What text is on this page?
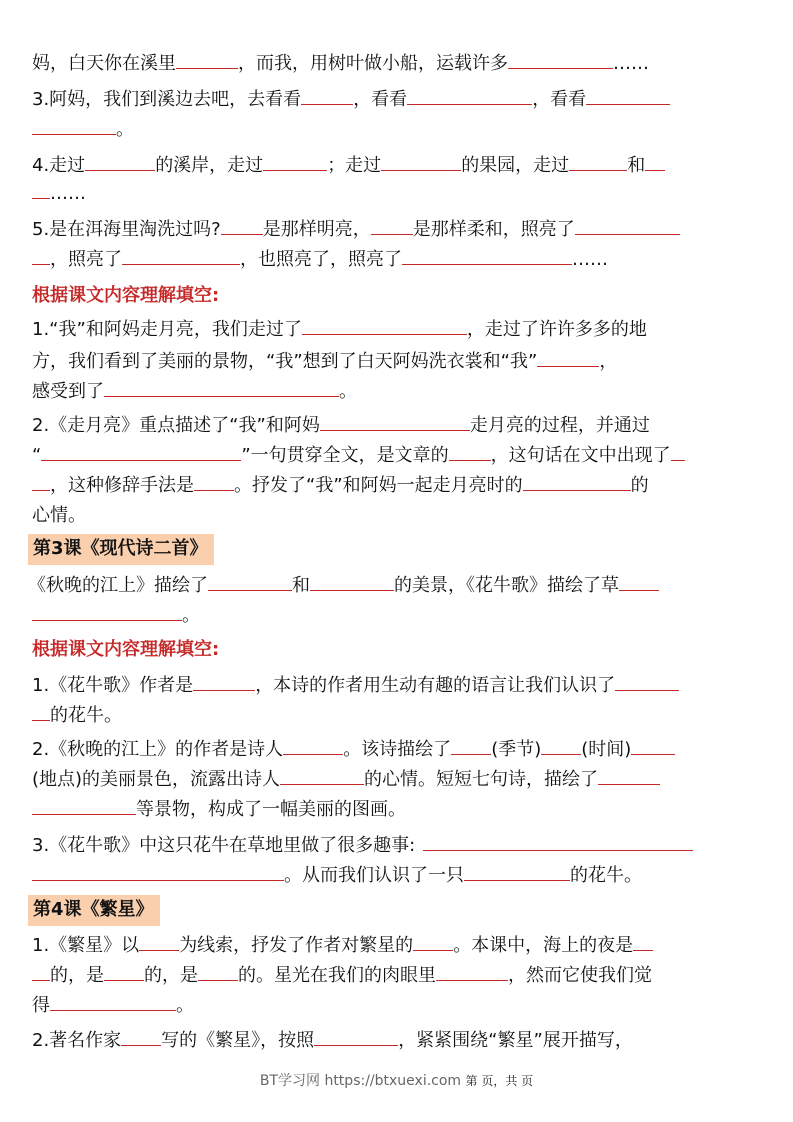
妈，白天你在溪里	，而我，用树叶做小船，运载许多	……
3.阿妈，我们到溪边去吧，去看看	，看看	，看看
。
4.走过	的溪岸，走过	；走过	的果园，走过	和
……
5.是在洱海里淘洗过吗? 是那样明亮， 是那样柔和，照亮了
，照亮了	，也照亮了，照亮了	……
根据课文内容理解填空:
1.“我”和阿妈走月亮，我们走过了	，走过了许许多多的地
方，我们看到了美丽的景物，“我”想到了白天阿妈洗衣裳和“我”	，
感受到了	。
2.《走月亮》重点描述了“我”和阿妈	走月亮的过程，并通过
“	”一句贯穿全文，是文章的 ，这句话在文中出现了
，这种修辞手法是 。抒发了“我”和阿妈一起走月亮时的	的
心情。
第3课《现代诗二首》
《秋晚的江上》描绘了	和	的美景，《花牛歌》描绘了草
。
根据课文内容理解填空:
1.《花牛歌》作者是	，本诗的作者用生动有趣的语言让我们认识了
的花牛。
2.《秋晚的江上》的作者是诗人	。该诗描绘了 (季节) (时间)
(地点)的美丽景色，流露出诗人	的心情。短短七句诗，描绘了
等景物，构成了一幅美丽的图画。
3.《花牛歌》中这只花牛在草地里做了很多趣事:
。从而我们认识了一只	的花牛。
第4课《繁星》
1.《繁星》以 为线索，抒发了作者对繁星的 。本课中，海上的夜是
的，是 的，是 的。星光在我们的肉眼里	，然而它使我们觉
得	。
2.著名作家 写的《繁星》，按照	，紧紧围绕“繁星”展开描写，
BT学习网 https://btxuexi.com 第 页，共 页
